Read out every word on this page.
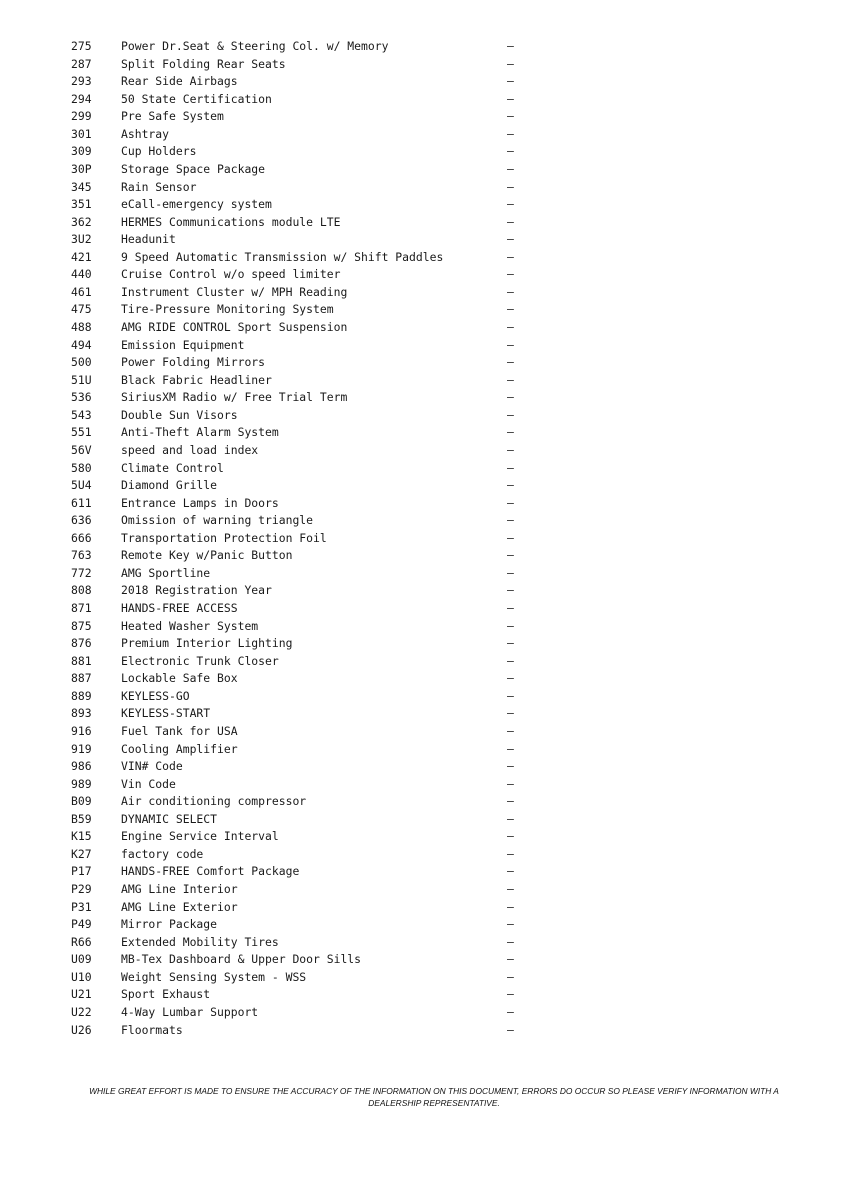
275	Power Dr.Seat & Steering Col. w/ Memory	—
287	Split Folding Rear Seats	—
293	Rear Side Airbags	—
294	50 State Certification	—
299	Pre Safe System	—
301	Ashtray	—
309	Cup Holders	—
30P	Storage Space Package	—
345	Rain Sensor	—
351	eCall-emergency system	—
362	HERMES Communications module LTE	—
3U2	Headunit	—
421	9 Speed Automatic Transmission w/ Shift Paddles	—
440	Cruise Control w/o speed limiter	—
461	Instrument Cluster w/ MPH Reading	—
475	Tire-Pressure Monitoring System	—
488	AMG RIDE CONTROL Sport Suspension	—
494	Emission Equipment	—
500	Power Folding Mirrors	—
51U	Black Fabric Headliner	—
536	SiriusXM Radio w/ Free Trial Term	—
543	Double Sun Visors	—
551	Anti-Theft Alarm System	—
56V	speed and load index	—
580	Climate Control	—
5U4	Diamond Grille	—
611	Entrance Lamps in Doors	—
636	Omission of warning triangle	—
666	Transportation Protection Foil	—
763	Remote Key w/Panic Button	—
772	AMG Sportline	—
808	2018 Registration Year	—
871	HANDS-FREE ACCESS	—
875	Heated Washer System	—
876	Premium Interior Lighting	—
881	Electronic Trunk Closer	—
887	Lockable Safe Box	—
889	KEYLESS-GO	—
893	KEYLESS-START	—
916	Fuel Tank for USA	—
919	Cooling Amplifier	—
986	VIN# Code	—
989	Vin Code	—
B09	Air conditioning compressor	—
B59	DYNAMIC SELECT	—
K15	Engine Service Interval	—
K27	factory code	—
P17	HANDS-FREE Comfort Package	—
P29	AMG Line Interior	—
P31	AMG Line Exterior	—
P49	Mirror Package	—
R66	Extended Mobility Tires	—
U09	MB-Tex Dashboard & Upper Door Sills	—
U10	Weight Sensing System - WSS	—
U21	Sport Exhaust	—
U22	4-Way Lumbar Support	—
U26	Floormats	—
WHILE GREAT EFFORT IS MADE TO ENSURE THE ACCURACY OF THE INFORMATION ON THIS DOCUMENT, ERRORS DO OCCUR SO PLEASE VERIFY INFORMATION WITH A
DEALERSHIP REPRESENTATIVE.
